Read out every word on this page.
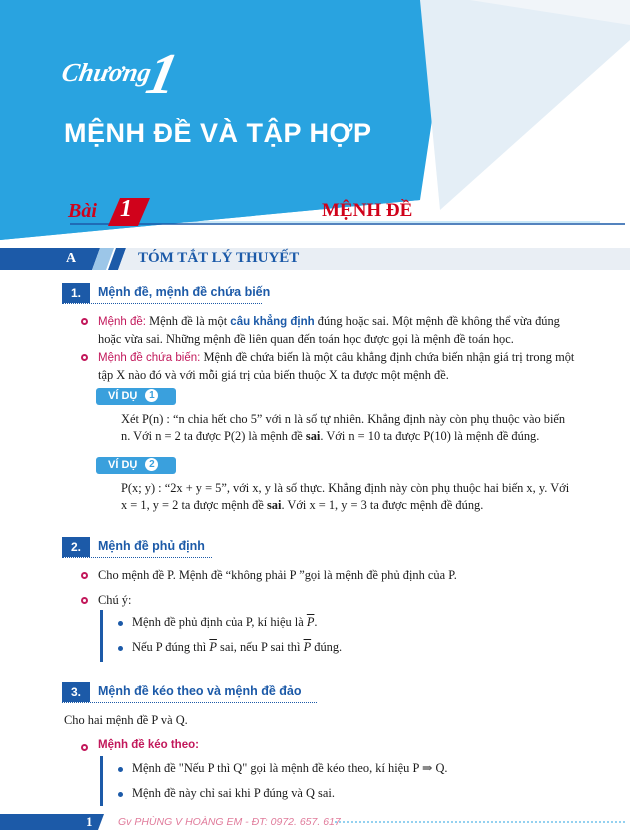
Chương
1
MỆNH ĐỀ VÀ TẬP HỢP
Bài 1	MỆNH ĐỀ
A	TÓM TẮT LÝ THUYẾT
1.	Mệnh đề, mệnh đề chứa biến
Mệnh đề: Mệnh đề là một câu khẳng định đúng hoặc sai. Một mệnh đề không thể vừa đúng
hoặc vừa sai. Những mệnh đề liên quan đến toán học được gọi là mệnh đề toán học.
Mệnh đề chứa biến: Mệnh đề chứa biến là một câu khẳng định chứa biến nhận giá trị trong một
tập X nào đó và với mỗi giá trị của biến thuộc X ta được một mệnh đề.
VÍ DỤ 1
Xét P(n) : “n chia hết cho 5” với n là số tự nhiên. Khẳng định này còn phụ thuộc vào biến
n. Với n = 2 ta được P(2) là mệnh đề sai. Với n = 10 ta được P(10) là mệnh đề đúng.
VÍ DỤ 2
P(x; y) : “2x + y = 5”, với x, y là số thực. Khẳng định này còn phụ thuộc hai biến x, y. Với
x = 1, y = 2 ta được mệnh đề sai. Với x = 1, y = 3 ta được mệnh đề đúng.
2.	Mệnh đề phủ định
Cho mệnh đề P. Mệnh đề “không phải P ”gọi là mệnh đề phủ định của P.
Chú ý:
Mệnh đề phủ định của P, kí hiệu là $\overline{P}$.
Nếu P đúng thì $\overline{P}$ sai, nếu P sai thì $\overline{P}$ đúng.
3.	Mệnh đề kéo theo và mệnh đề đảo
Cho hai mệnh đề P và Q.
Mệnh đề kéo theo:
Mệnh đề "Nếu P thì Q" gọi là mệnh đề kéo theo, kí hiệu P ⇒ Q.
Mệnh đề này chỉ sai khi P đúng và Q sai.
1 Gv PHÙNG V HOÀNG EM - ĐT: 0972. 657. 617
